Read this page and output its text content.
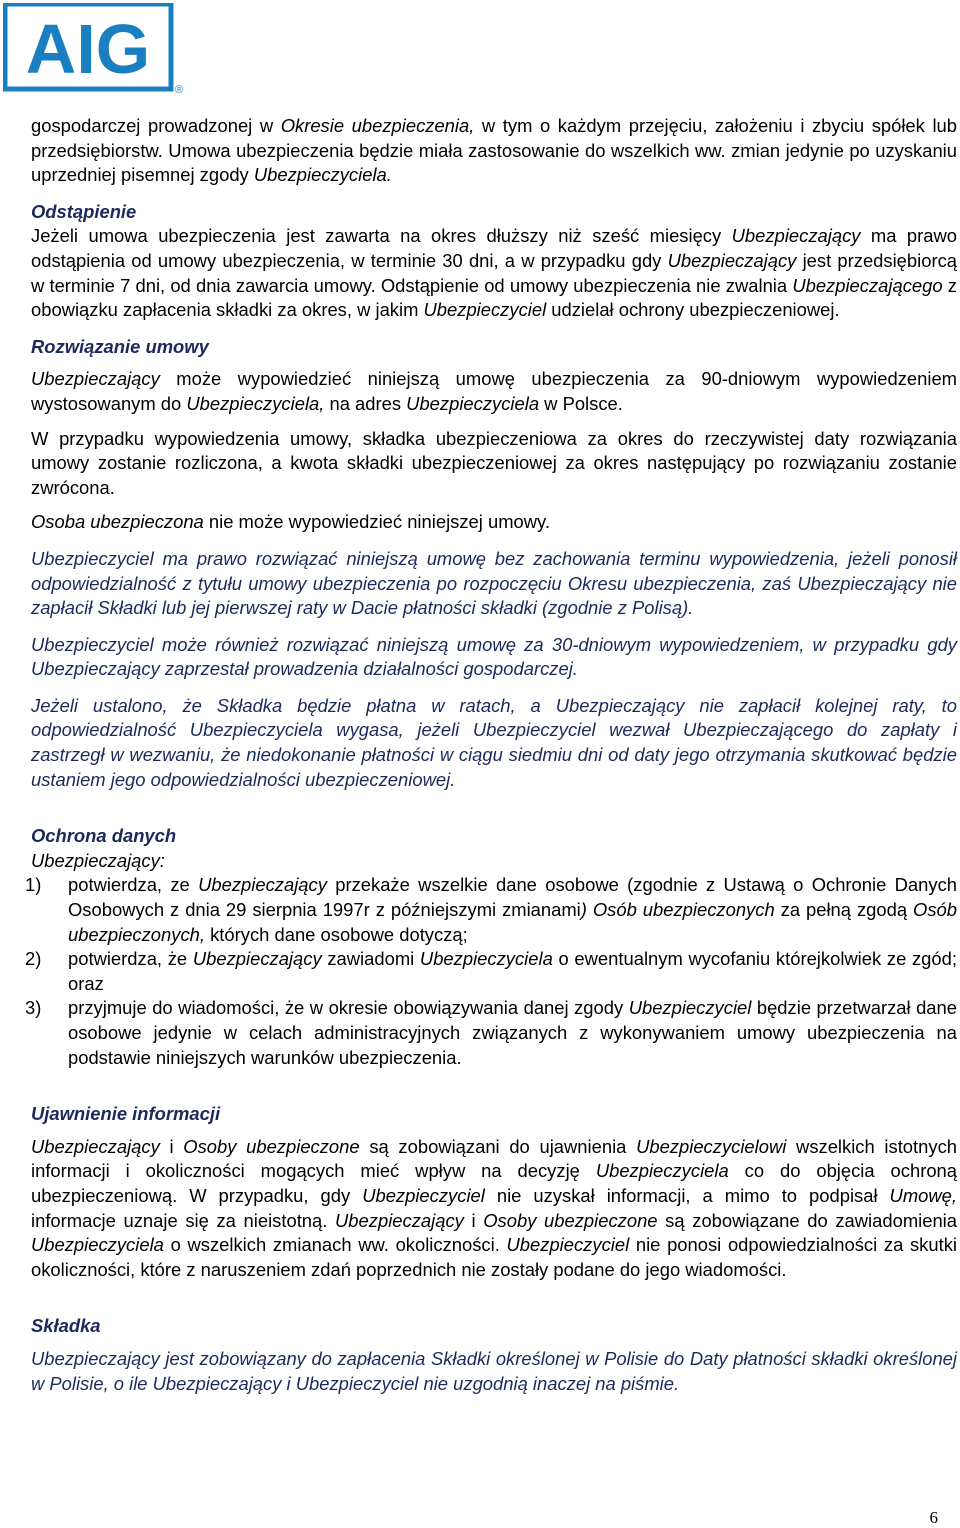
AIG
®

gospodarczej prowadzonej w Okresie ubezpieczenia, w tym o każdym przejęciu, założeniu i zbyciu spółek lub przedsiębiorstw. Umowa ubezpieczenia będzie miała zastosowanie do wszelkich ww. zmian jedynie po uzyskaniu uprzedniej pisemnej zgody Ubezpieczyciela.

Odstąpienie

Jeżeli umowa ubezpieczenia jest zawarta na okres dłuższy niż sześć miesięcy Ubezpieczający ma prawo odstąpienia od umowy ubezpieczenia, w terminie 30 dni, a w przypadku gdy Ubezpieczający jest przedsiębiorcą w terminie 7 dni, od dnia zawarcia umowy. Odstąpienie od umowy ubezpieczenia nie zwalnia Ubezpieczającego z obowiązku zapłacenia składki za okres, w jakim Ubezpieczyciel udzielał ochrony ubezpieczeniowej.

Rozwiązanie umowy

Ubezpieczający może wypowiedzieć niniejszą umowę ubezpieczenia za 90-dniowym wypowiedzeniem wystosowanym do Ubezpieczyciela, na adres Ubezpieczyciela w Polsce.

W przypadku wypowiedzenia umowy, składka ubezpieczeniowa za okres do rzeczywistej daty rozwiązania umowy zostanie rozliczona, a kwota składki ubezpieczeniowej za okres następujący po rozwiązaniu zostanie zwrócona.

Osoba ubezpieczona nie może wypowiedzieć niniejszej umowy.

Ubezpieczyciel ma prawo rozwiązać niniejszą umowę bez zachowania terminu wypowiedzenia, jeżeli ponosił odpowiedzialność z tytułu umowy ubezpieczenia po rozpoczęciu Okresu ubezpieczenia, zaś Ubezpieczający nie zapłacił Składki lub jej pierwszej raty w Dacie płatności składki (zgodnie z Polisą).

Ubezpieczyciel może również rozwiązać niniejszą umowę za 30-dniowym wypowiedzeniem, w przypadku gdy Ubezpieczający zaprzestał prowadzenia działalności gospodarczej.

Jeżeli ustalono, że Składka będzie płatna w ratach, a Ubezpieczający nie zapłacił kolejnej raty, to odpowiedzialność Ubezpieczyciela wygasa, jeżeli Ubezpieczyciel wezwał Ubezpieczającego do zapłaty i zastrzegł w wezwaniu, że niedokonanie płatności w ciągu siedmiu dni od daty jego otrzymania skutkować będzie ustaniem jego odpowiedzialności ubezpieczeniowej.

Ochrona danych

Ubezpieczający:

1) potwierdza, ze Ubezpieczający przekaże wszelkie dane osobowe (zgodnie z Ustawą o Ochronie Danych Osobowych z dnia 29 sierpnia 1997r z późniejszymi zmianami) Osób ubezpieczonych za pełną zgodą Osób ubezpieczonych, których dane osobowe dotyczą;
2) potwierdza, że Ubezpieczający zawiadomi Ubezpieczyciela o ewentualnym wycofaniu którejkolwiek ze zgód; oraz
3) przyjmuje do wiadomości, że w okresie obowiązywania danej zgody Ubezpieczyciel będzie przetwarzał dane osobowe jedynie w celach administracyjnych związanych z wykonywaniem umowy ubezpieczenia na podstawie niniejszych warunków ubezpieczenia.
Ujawnienie informacji

Ubezpieczający i Osoby ubezpieczone są zobowiązani do ujawnienia Ubezpieczycielowi wszelkich istotnych informacji i okoliczności mogących mieć wpływ na decyzję Ubezpieczyciela co do objęcia ochroną ubezpieczeniową. W przypadku, gdy Ubezpieczyciel nie uzyskał informacji, a mimo to podpisał Umowę, informacje uznaje się za nieistotną. Ubezpieczający i Osoby ubezpieczone są zobowiązane do zawiadomienia Ubezpieczyciela o wszelkich zmianach ww. okoliczności. Ubezpieczyciel nie ponosi odpowiedzialności za skutki okoliczności, które z naruszeniem zdań poprzednich nie zostały podane do jego wiadomości.

Składka

Ubezpieczający jest zobowiązany do zapłacenia Składki określonej w Polisie do Daty płatności składki określonej w Polisie, o ile Ubezpieczający i Ubezpieczyciel nie uzgodnią inaczej na piśmie.

6
